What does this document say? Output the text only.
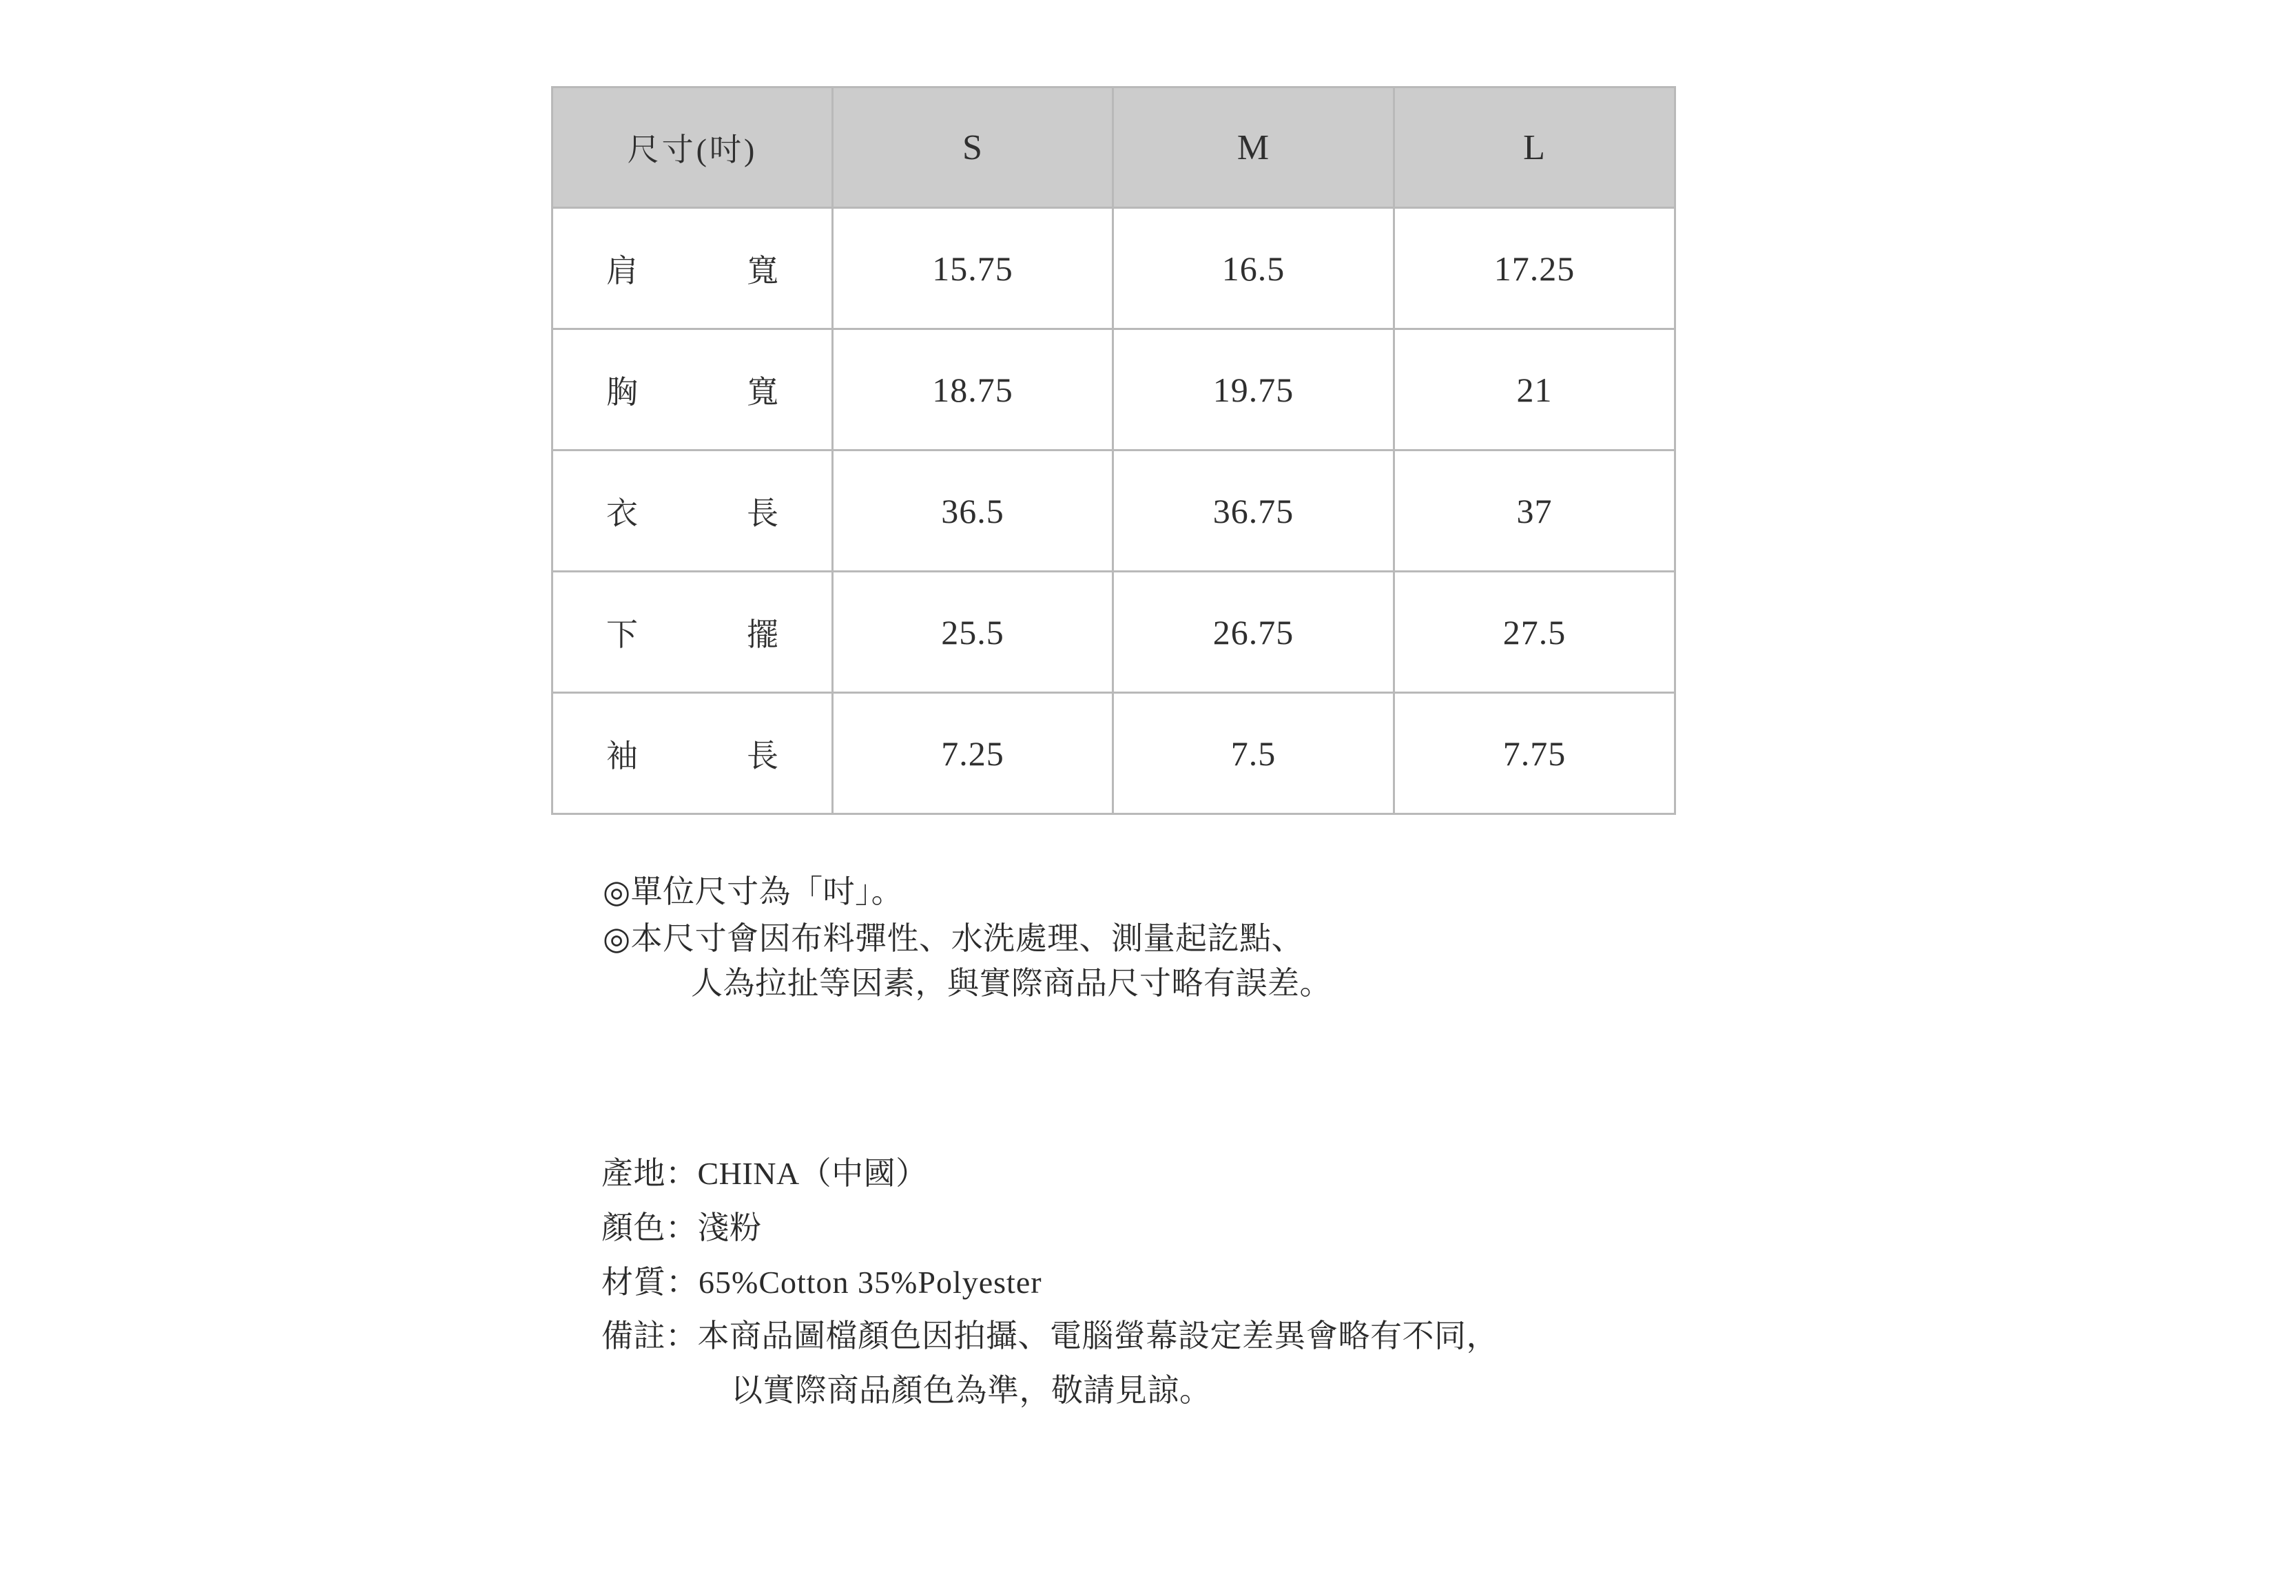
尺寸(吋)	S	M	L
肩寬	15.75	16.5	17.25
胸寬	18.75	19.75	21
衣長	36.5	36.75	37
下擺	25.5	26.75	27.5
袖長	7.25	7.5	7.75

◎單位尺寸為「吋」。

◎本尺寸會因布料彈性、水洗處理、測量起訖點、

人為拉扯等因素，與實際商品尺寸略有誤差。

產地：CHINA（中國）

顏色：淺粉

材質：65%Cotton 35%Polyester

備註：本商品圖檔顏色因拍攝、電腦螢幕設定差異會略有不同，

以實際商品顏色為準，敬請見諒。
